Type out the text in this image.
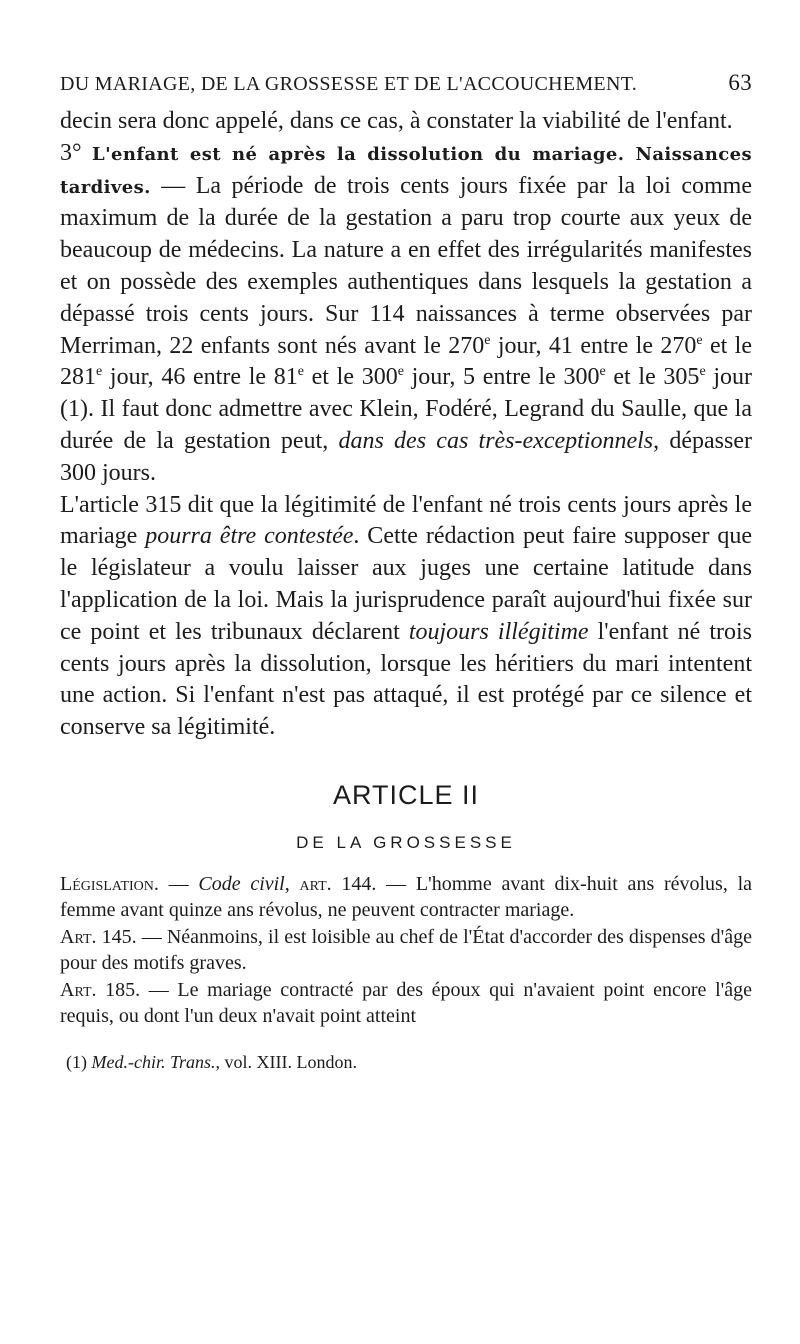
DU MARIAGE, DE LA GROSSESSE ET DE L'ACCOUCHEMENT.	63

decin sera donc appelé, dans ce cas, à constater la viabilité de l'enfant.

3° L'enfant est né après la dissolution du mariage. Naissances tardives. — La période de trois cents jours fixée par la loi comme maximum de la durée de la gestation a paru trop courte aux yeux de beaucoup de médecins. La nature a en effet des irrégularités manifestes et on possède des exemples authentiques dans lesquels la gestation a dépassé trois cents jours. Sur 114 naissances à terme observées par Merriman, 22 enfants sont nés avant le 270e jour, 41 entre le 270e et le 281e jour, 46 entre le 81e et le 300e jour, 5 entre le 300e et le 305e jour (1). Il faut donc admettre avec Klein, Fodéré, Legrand du Saulle, que la durée de la gestation peut, dans des cas très-exceptionnels, dépasser 300 jours.

L'article 315 dit que la légitimité de l'enfant né trois cents jours après le mariage pourra être contestée. Cette rédaction peut faire supposer que le législateur a voulu laisser aux juges une certaine latitude dans l'application de la loi. Mais la jurisprudence paraît aujourd'hui fixée sur ce point et les tribunaux déclarent toujours illégitime l'enfant né trois cents jours après la dissolution, lorsque les héritiers du mari intentent une action. Si l'enfant n'est pas attaqué, il est protégé par ce silence et conserve sa légitimité.

ARTICLE II
DE LA GROSSESSE

Législation. — Code civil, art. 144. — L'homme avant dix-huit ans révolus, la femme avant quinze ans révolus, ne peuvent contracter mariage.

Art. 145. — Néanmoins, il est loisible au chef de l'État d'accorder des dispenses d'âge pour des motifs graves.

Art. 185. — Le mariage contracté par des époux qui n'avaient point encore l'âge requis, ou dont l'un deux n'avait point atteint

(1) Med.-chir. Trans., vol. XIII. London.
